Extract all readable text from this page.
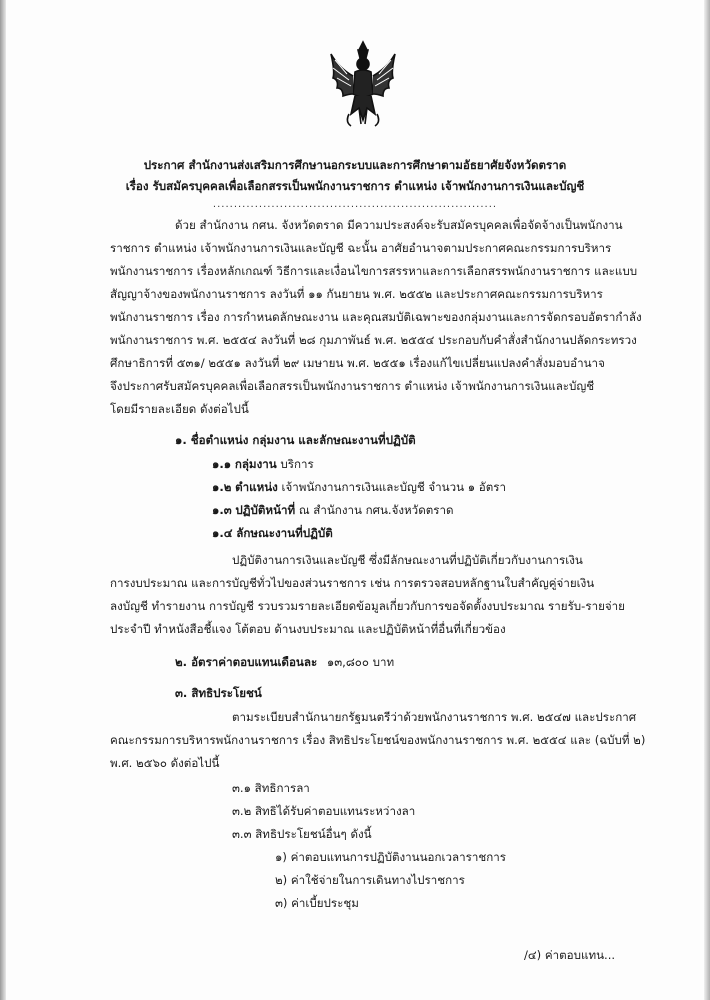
ประกาศ สำนักงานส่งเสริมการศึกษานอกระบบและการศึกษาตามอัธยาศัยจังหวัดตราด
เรื่อง รับสมัครบุคคลเพื่อเลือกสรรเป็นพนักงานราชการ ตำแหน่ง เจ้าพนักงานการเงินและบัญชี
....................................................................
ด้วย สำนักงาน กศน. จังหวัดตราด มีความประสงค์จะรับสมัครบุคคลเพื่อจัดจ้างเป็นพนักงาน
ราชการ ตำแหน่ง เจ้าพนักงานการเงินและบัญชี ฉะนั้น อาศัยอำนาจตามประกาศคณะกรรมการบริหาร
พนักงานราชการ เรื่องหลักเกณฑ์ วิธีการและเงื่อนไขการสรรหาและการเลือกสรรพนักงานราชการ และแบบ
สัญญาจ้างของพนักงานราชการ ลงวันที่ ๑๑ กันยายน พ.ศ. ๒๕๕๒ และประกาศคณะกรรมการบริหาร
พนักงานราชการ เรื่อง การกำหนดลักษณะงาน และคุณสมบัติเฉพาะของกลุ่มงานและการจัดกรอบอัตรากำลัง
พนักงานราชการ พ.ศ. ๒๕๕๔ ลงวันที่ ๒๘ กุมภาพันธ์ พ.ศ. ๒๕๕๔ ประกอบกับคำสั่งสำนักงานปลัดกระทรวง
ศึกษาธิการที่ ๕๓๑/ ๒๕๕๑ ลงวันที่ ๒๙ เมษายน พ.ศ. ๒๕๕๑ เรื่องแก้ไขเปลี่ยนแปลงคำสั่งมอบอำนาจ
จึงประกาศรับสมัครบุคคลเพื่อเลือกสรรเป็นพนักงานราชการ ตำแหน่ง เจ้าพนักงานการเงินและบัญชี
โดยมีรายละเอียด ดังต่อไปนี้
๑. ชื่อตำแหน่ง กลุ่มงาน และลักษณะงานที่ปฏิบัติ
๑.๑ กลุ่มงาน บริการ
๑.๒ ตำแหน่ง เจ้าพนักงานการเงินและบัญชี จำนวน ๑ อัตรา
๑.๓ ปฏิบัติหน้าที่ ณ สำนักงาน กศน.จังหวัดตราด
๑.๔ ลักษณะงานที่ปฏิบัติ
ปฏิบัติงานการเงินและบัญชี ซึ่งมีลักษณะงานที่ปฏิบัติเกี่ยวกับงานการเงิน
การงบประมาณ และการบัญชีทั่วไปของส่วนราชการ เช่น การตรวจสอบหลักฐานใบสำคัญคู่จ่ายเงิน
ลงบัญชี ทำรายงาน การบัญชี รวบรวมรายละเอียดข้อมูลเกี่ยวกับการขอจัดตั้งงบประมาณ รายรับ-รายจ่าย
ประจำปี ทำหนังสือชี้แจง โต้ตอบ ด้านงบประมาณ และปฏิบัติหน้าที่อื่นที่เกี่ยวข้อง
๒. อัตราค่าตอบแทนเดือนละ ๑๓,๘๐๐ บาท
๓. สิทธิประโยชน์
ตามระเบียบสำนักนายกรัฐมนตรีว่าด้วยพนักงานราชการ พ.ศ. ๒๕๔๗ และประกาศ
คณะกรรมการบริหารพนักงานราชการ เรื่อง สิทธิประโยชน์ของพนักงานราชการ พ.ศ. ๒๕๕๔ และ (ฉบับที่ ๒)
พ.ศ. ๒๕๖๐ ดังต่อไปนี้
๓.๑ สิทธิการลา
๓.๒ สิทธิได้รับค่าตอบแทนระหว่างลา
๓.๓ สิทธิประโยชน์อื่นๆ ดังนี้
๑) ค่าตอบแทนการปฏิบัติงานนอกเวลาราชการ
๒) ค่าใช้จ่ายในการเดินทางไปราชการ
๓) ค่าเบี้ยประชุม
/๔) ค่าตอบแทน...
